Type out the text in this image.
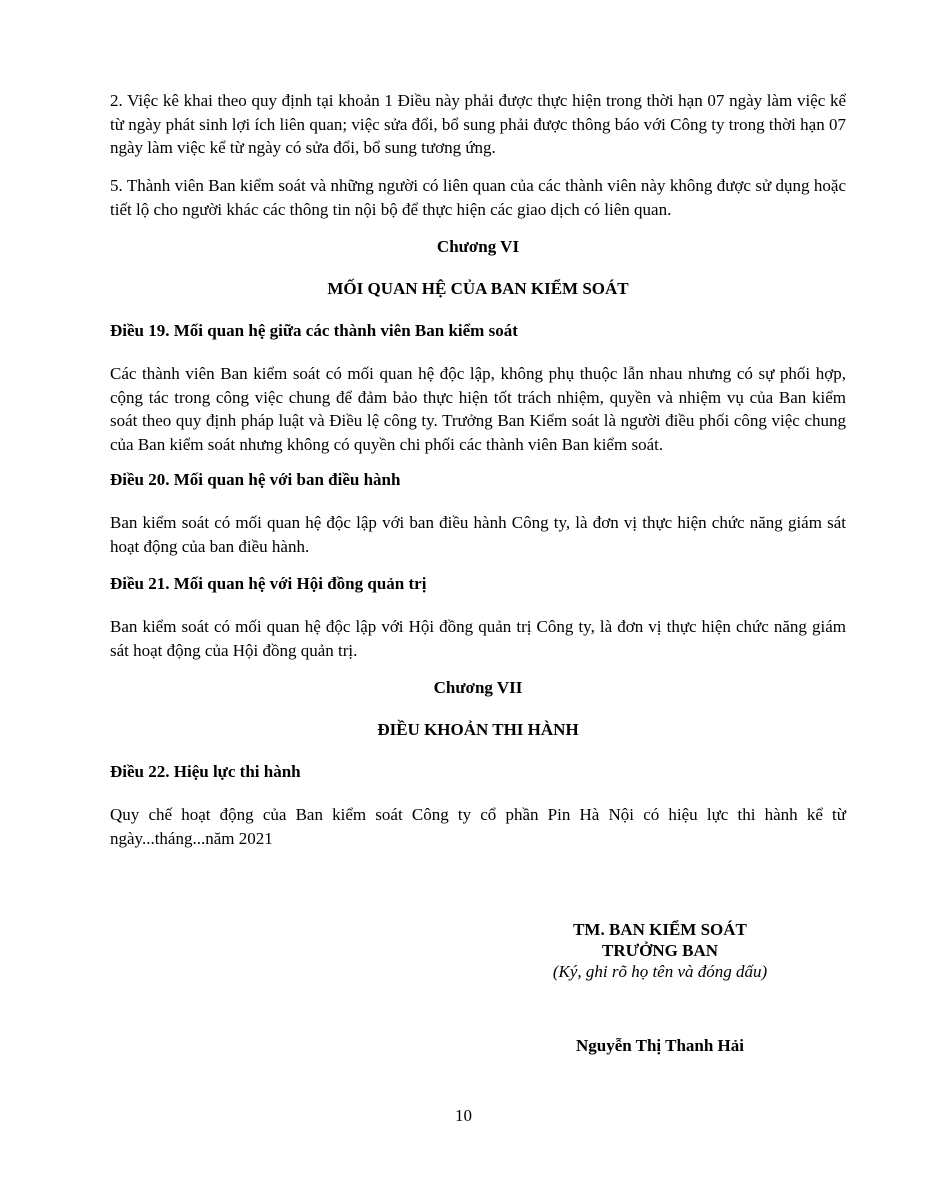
2. Việc kê khai theo quy định tại khoản 1 Điều này phải được thực hiện trong thời hạn 07 ngày làm việc kể từ ngày phát sinh lợi ích liên quan; việc sửa đổi, bổ sung phải được thông báo với Công ty trong thời hạn 07 ngày làm việc kể từ ngày có sửa đổi, bổ sung tương ứng.

5. Thành viên Ban kiểm soát và những người có liên quan của các thành viên này không được sử dụng hoặc tiết lộ cho người khác các thông tin nội bộ để thực hiện các giao dịch có liên quan.

Chương VI

MỐI QUAN HỆ CỦA BAN KIỂM SOÁT

Điều 19. Mối quan hệ giữa các thành viên Ban kiểm soát

Các thành viên Ban kiểm soát có mối quan hệ độc lập, không phụ thuộc lẫn nhau nhưng có sự phối hợp, cộng tác trong công việc chung để đảm bảo thực hiện tốt trách nhiệm, quyền và nhiệm vụ của Ban kiểm soát theo quy định pháp luật và Điều lệ công ty. Trưởng Ban Kiểm soát là người điều phối công việc chung của Ban kiểm soát nhưng không có quyền chi phối các thành viên Ban kiểm soát.

Điều 20. Mối quan hệ với ban điều hành

Ban kiểm soát có mối quan hệ độc lập với ban điều hành Công ty, là đơn vị thực hiện chức năng giám sát hoạt động của ban điều hành.

Điều 21. Mối quan hệ với Hội đồng quản trị

Ban kiểm soát có mối quan hệ độc lập với Hội đồng quản trị Công ty, là đơn vị thực hiện chức năng giám sát hoạt động của Hội đồng quản trị.

Chương VII

ĐIỀU KHOẢN THI HÀNH

Điều 22. Hiệu lực thi hành

Quy chế hoạt động của Ban kiểm soát Công ty cổ phần Pin Hà Nội có hiệu lực thi hành kể từ ngày...tháng...năm 2021

TM. BAN KIỂM SOÁT
TRƯỞNG BAN
(Ký, ghi rõ họ tên và đóng dấu)
Nguyễn Thị Thanh Hải
10
